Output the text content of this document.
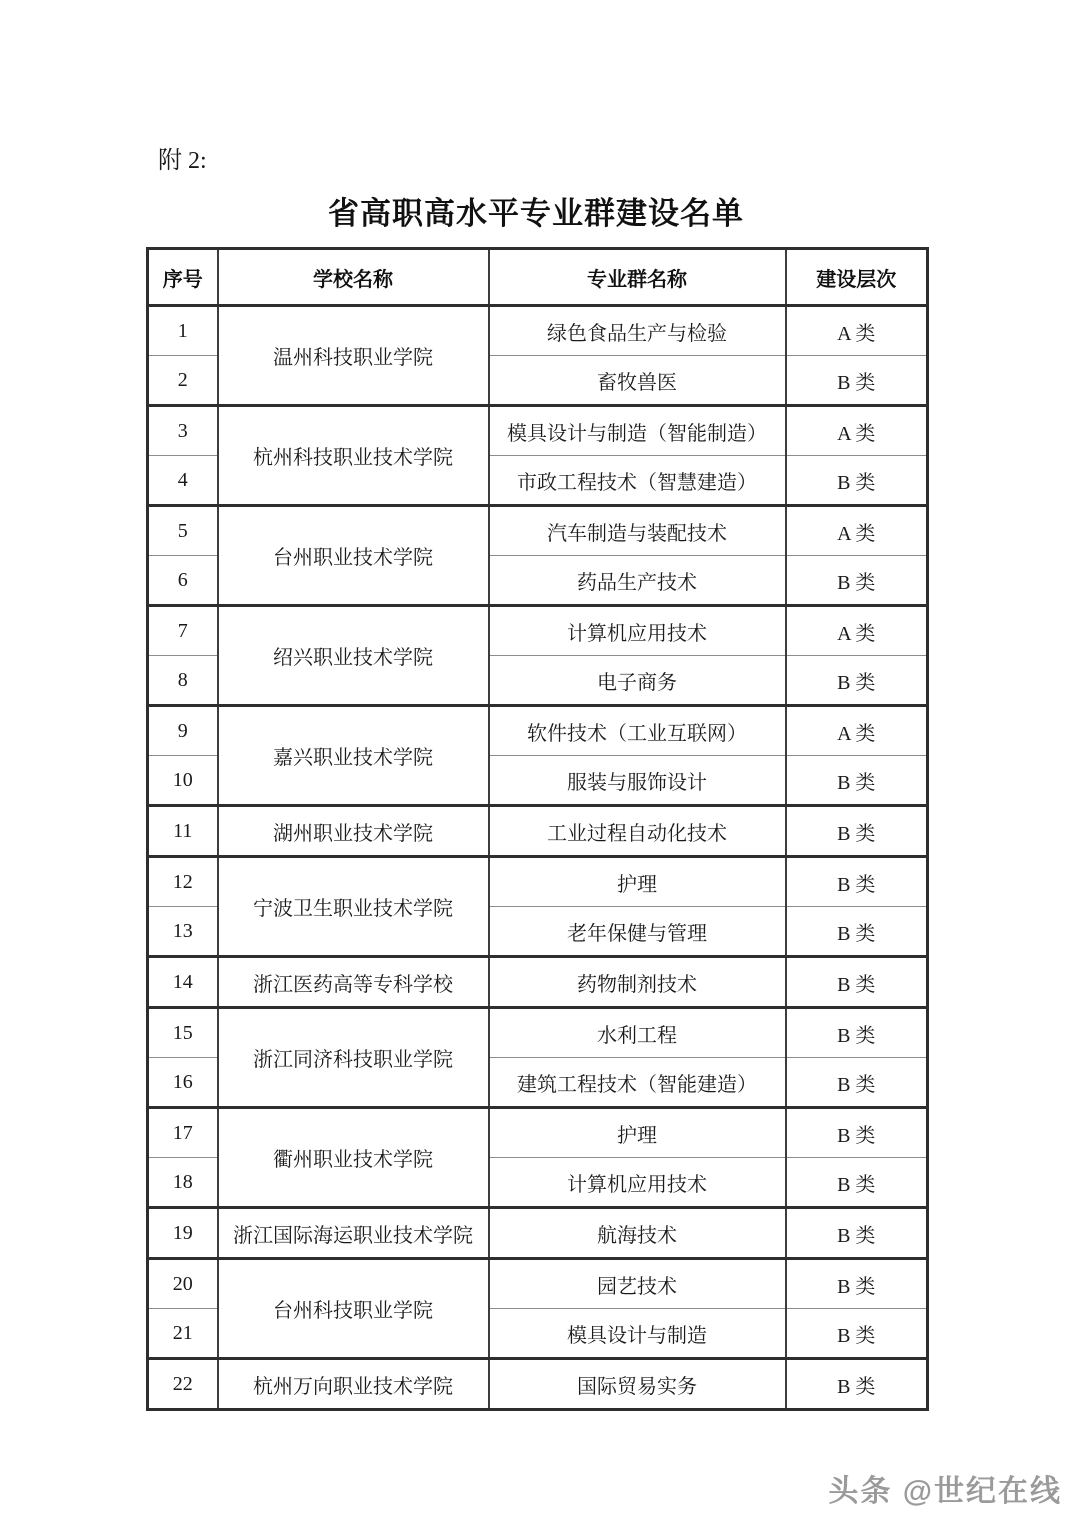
附 2:
省高职高水平专业群建设名单
序号	学校名称	专业群名称	建设层次
1	温州科技职业学院	绿色食品生产与检验	A 类
2		畜牧兽医	B 类
3	杭州科技职业技术学院	模具设计与制造（智能制造）	A 类
4		市政工程技术（智慧建造）	B 类
5	台州职业技术学院	汽车制造与装配技术	A 类
6		药品生产技术	B 类
7	绍兴职业技术学院	计算机应用技术	A 类
8		电子商务	B 类
9	嘉兴职业技术学院	软件技术（工业互联网）	A 类
10		服装与服饰设计	B 类
11	湖州职业技术学院	工业过程自动化技术	B 类
12	宁波卫生职业技术学院	护理	B 类
13		老年保健与管理	B 类
14	浙江医药高等专科学校	药物制剂技术	B 类
15	浙江同济科技职业学院	水利工程	B 类
16		建筑工程技术（智能建造）	B 类
17	衢州职业技术学院	护理	B 类
18		计算机应用技术	B 类
19	浙江国际海运职业技术学院	航海技术	B 类
20	台州科技职业学院	园艺技术	B 类
21		模具设计与制造	B 类
22	杭州万向职业技术学院	国际贸易实务	B 类
头条 @世纪在线
